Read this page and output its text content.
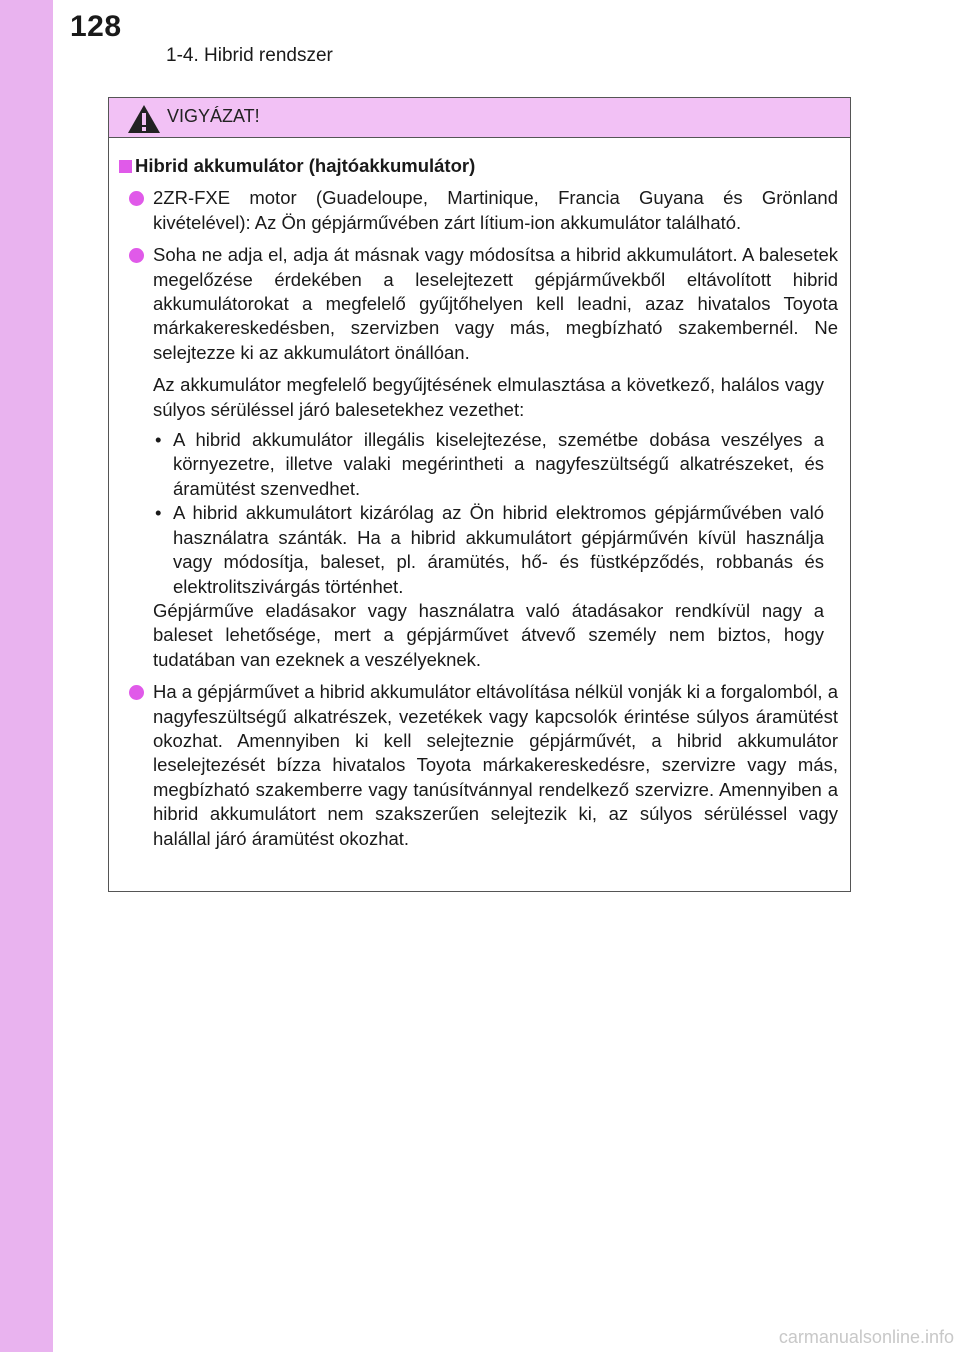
128
1-4. Hibrid rendszer
VIGYÁZAT!
Hibrid akkumulátor (hajtóakkumulátor)
2ZR-FXE motor (Guadeloupe, Martinique, Francia Guyana és Grönland kivételével): Az Ön gépjárművében zárt lítium-ion akkumulátor található.
Soha ne adja el, adja át másnak vagy módosítsa a hibrid akkumulátort. A balesetek megelőzése érdekében a leselejtezett gépjárművekből eltávolított hibrid akkumulátorokat a megfelelő gyűjtőhelyen kell leadni, azaz hivatalos Toyota márkakereskedésben, szervizben vagy más, megbízható szakembernél. Ne selejtezze ki az akkumulátort önállóan.
Az akkumulátor megfelelő begyűjtésének elmulasztása a következő, halálos vagy súlyos sérüléssel járó balesetekhez vezethet:
• A hibrid akkumulátor illegális kiselejtezése, szemétbe dobása veszélyes a környezetre, illetve valaki megérintheti a nagyfeszültségű alkatrészeket, és áramütést szenvedhet.
• A hibrid akkumulátort kizárólag az Ön hibrid elektromos gépjárművében való használatra szánták. Ha a hibrid akkumulátort gépjárművén kívül használja vagy módosítja, baleset, pl. áramütés, hő- és füstképződés, robbanás és elektrolitszivárgás történhet.
Gépjárműve eladásakor vagy használatra való átadásakor rendkívül nagy a baleset lehetősége, mert a gépjárművet átvevő személy nem biztos, hogy tudatában van ezeknek a veszélyeknek.
Ha a gépjárművet a hibrid akkumulátor eltávolítása nélkül vonják ki a forgalomból, a nagyfeszültségű alkatrészek, vezetékek vagy kapcsolók érintése súlyos áramütést okozhat. Amennyiben ki kell selejteznie gépjárművét, a hibrid akkumulátor leselejtezését bízza hivatalos Toyota márkakereskedésre, szervizre vagy más, megbízható szakemberre vagy tanúsítvánnyal rendelkező szervizre. Amennyiben a hibrid akkumulátort nem szakszerűen selejtezik ki, az súlyos sérüléssel vagy halállal járó áramütést okozhat.
carmanualsonline.info
